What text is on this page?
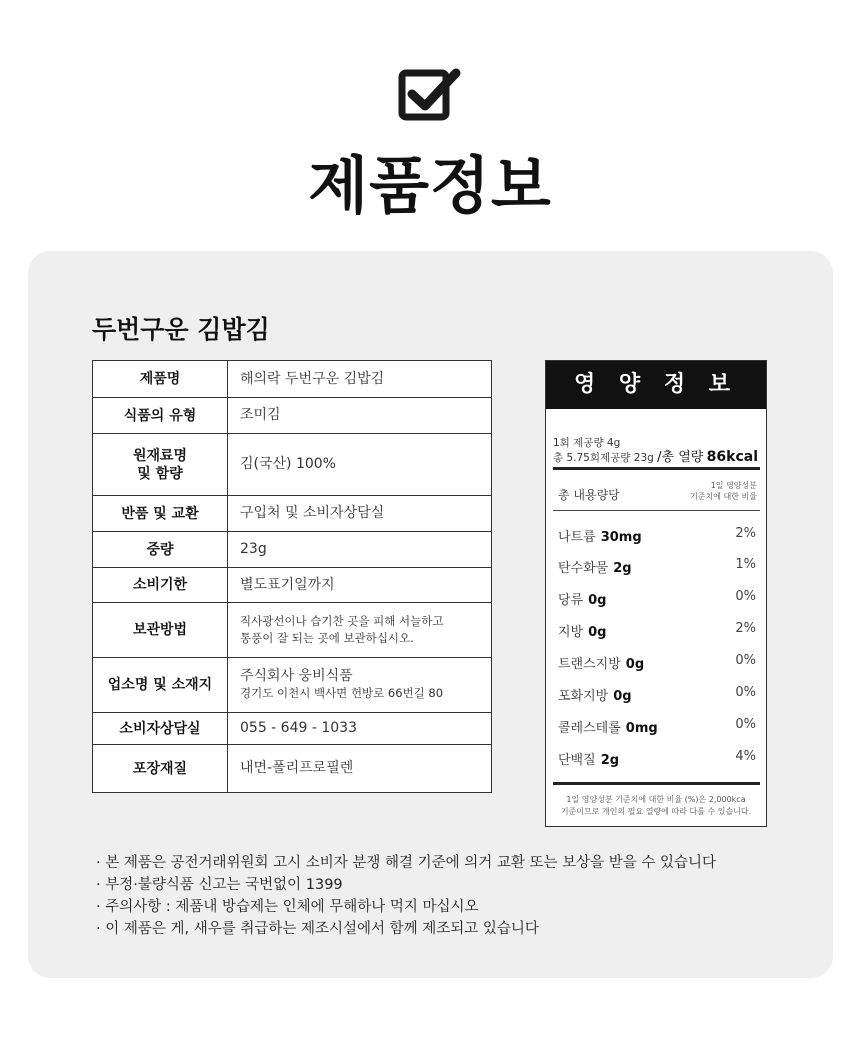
제품정보
두번구운 김밥김
제품명	해의락 두번구운 김밥김
식품의 유형	조미김

원재료명
및 함량	김(국산) 100%
반품 및 교환	구입처 및 소비자상담실
중량	23g
소비기한	별도표기일까지
보관방법	직사광선이나 습기찬 곳을 피해 서늘하고
통풍이 잘 되는 곳에 보관하십시오.

업소명 및 소재지	주식회사 웅비식품
경기도 이천시 백사면 헌방로 66번길 80

소비자상담실	055 - 649 - 1033
포장재질	내면-폴리프로필렌
영 양 정 보
1회 제공량 4g
총 5.75회제공량 23g /총 열량 86kcal
총 내용량당
1일 영양성분
기준치에 대한 비율
나트륨 30mg	2%
탄수화물 2g	1%
당류 0g	0%
지방 0g	2%
트랜스지방 0g	0%
포화지방 0g	0%
콜레스테롤 0mg	0%
단백질 2g	4%
1일 영양성분 기준치에 대한 비율 (%)은 2,000kca
기준이므로 개인의 필요 열량에 따라 다를 수 있습니다.
· 본 제품은 공전거래위원회 고시 소비자 분쟁 해결 기준에 의거 교환 또는 보상을 받을 수 있습니다
· 부정·불량식품 신고는 국번없이 1399
· 주의사항 : 제품내 방습제는 인체에 무해하나 먹지 마십시오
· 이 제품은 게, 새우를 취급하는 제조시설에서 함께 제조되고 있습니다
